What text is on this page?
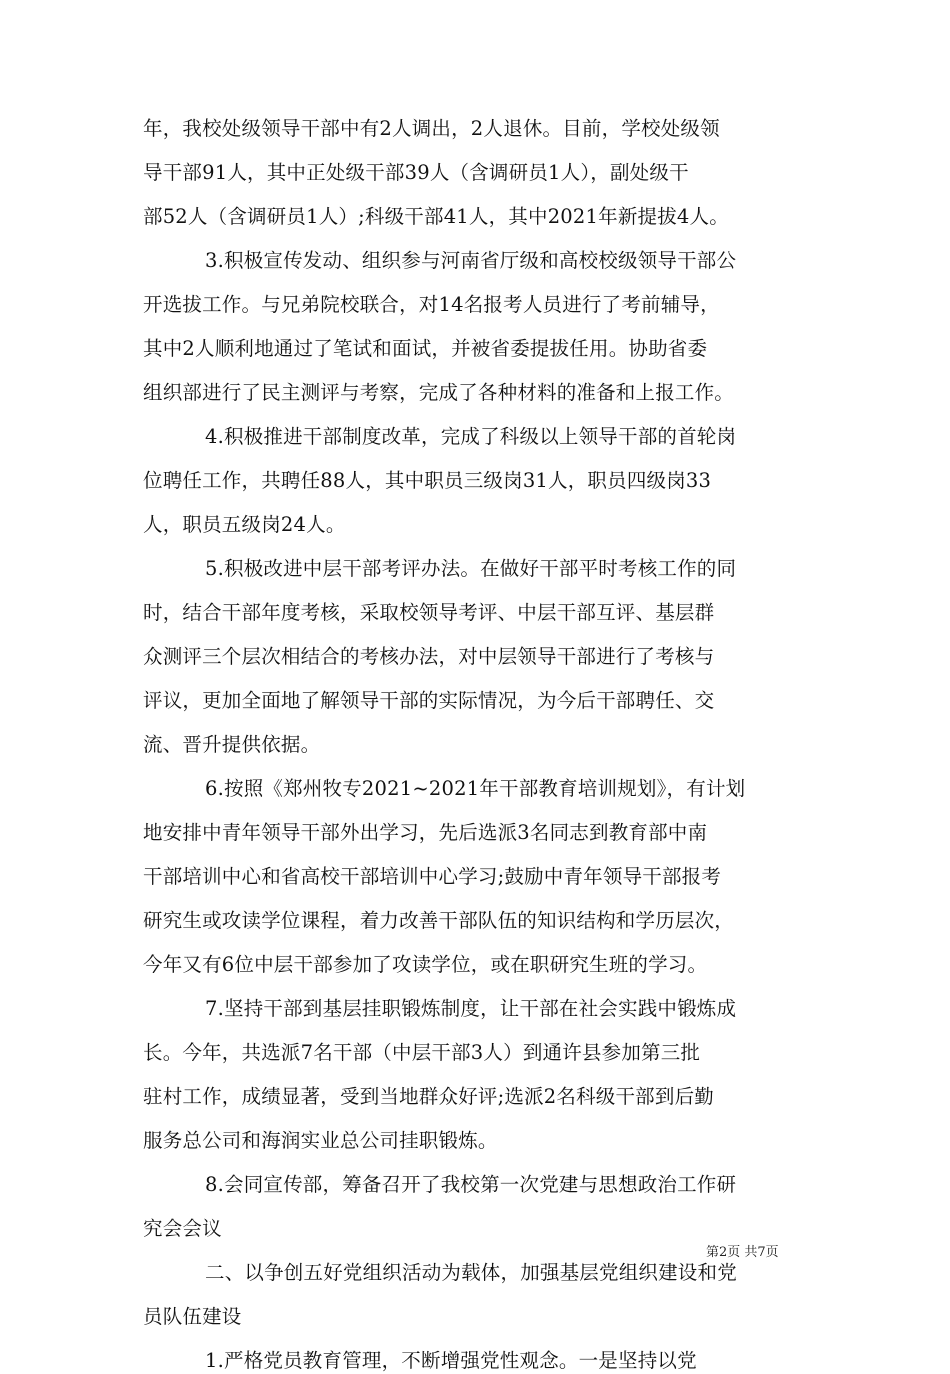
年，我校处级领导干部中有2人调出，2人退休。目前，学校处级领
导干部91人，其中正处级干部39人（含调研员1人），副处级干
部52人（含调研员1人）;科级干部41人，其中2021年新提拔4人。
3.积极宣传发动、组织参与河南省厅级和高校校级领导干部公
开选拔工作。与兄弟院校联合，对14名报考人员进行了考前辅导，
其中2人顺利地通过了笔试和面试，并被省委提拔任用。协助省委
组织部进行了民主测评与考察，完成了各种材料的准备和上报工作。
4.积极推进干部制度改革，完成了科级以上领导干部的首轮岗
位聘任工作，共聘任88人，其中职员三级岗31人，职员四级岗33
人，职员五级岗24人。
5.积极改进中层干部考评办法。在做好干部平时考核工作的同
时，结合干部年度考核，采取校领导考评、中层干部互评、基层群
众测评三个层次相结合的考核办法，对中层领导干部进行了考核与
评议，更加全面地了解领导干部的实际情况，为今后干部聘任、交
流、晋升提供依据。
6.按照《郑州牧专2021~2021年干部教育培训规划》，有计划
地安排中青年领导干部外出学习，先后选派3名同志到教育部中南
干部培训中心和省高校干部培训中心学习;鼓励中青年领导干部报考
研究生或攻读学位课程，着力改善干部队伍的知识结构和学历层次，
今年又有6位中层干部参加了攻读学位，或在职研究生班的学习。
7.坚持干部到基层挂职锻炼制度，让干部在社会实践中锻炼成
长。今年，共选派7名干部（中层干部3人）到通许县参加第三批
驻村工作，成绩显著，受到当地群众好评;选派2名科级干部到后勤
服务总公司和海润实业总公司挂职锻炼。
8.会同宣传部，筹备召开了我校第一次党建与思想政治工作研
究会会议
二、以争创五好党组织活动为载体，加强基层党组织建设和党
员队伍建设
1.严格党员教育管理，不断增强党性观念。一是坚持以党
第2页 共7页
